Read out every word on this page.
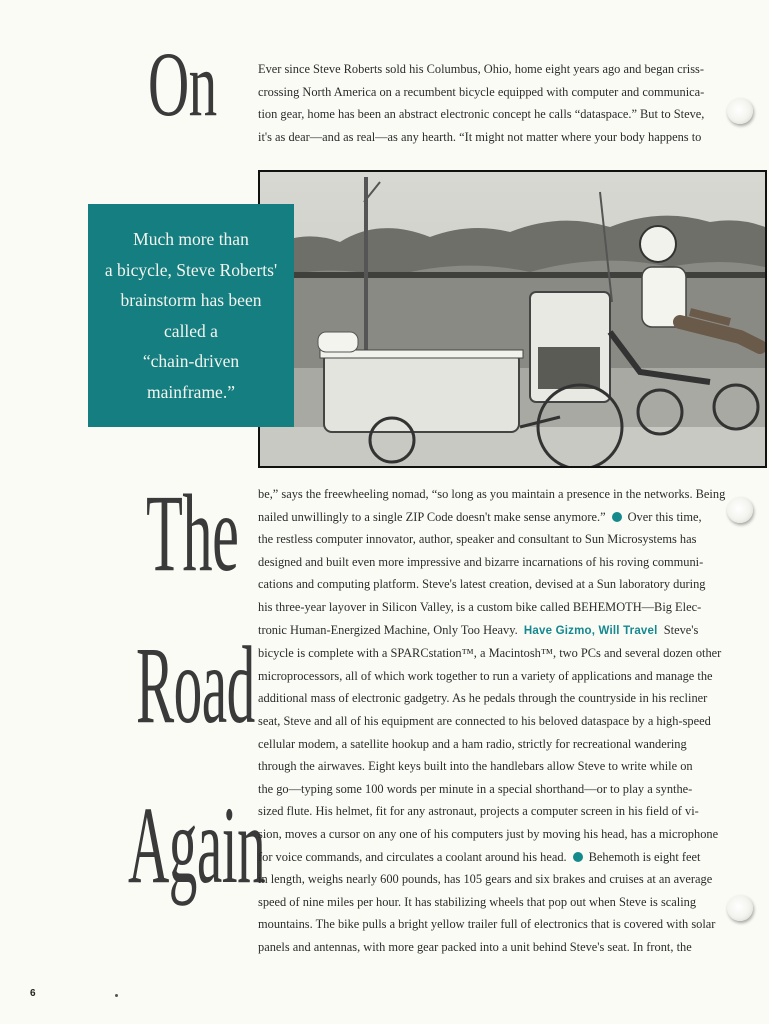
On
The
Road
Again
Ever since Steve Roberts sold his Columbus, Ohio, home eight years ago and began criss-
crossing North America on a recumbent bicycle equipped with computer and communica-
tion gear, home has been an abstract electronic concept he calls “dataspace.” But to Steve,
it's as dear—and as real—as any hearth. “It might not matter where your body happens to
Much more than
a bicycle, Steve Roberts'
brainstorm has been
called a
“chain-driven
mainframe.”
be,” says the freewheeling nomad, “so long as you maintain a presence in the networks. Being
nailed unwillingly to a single ZIP Code doesn't make sense anymore.” Over this time,
the restless computer innovator, author, speaker and consultant to Sun Microsystems has
designed and built even more impressive and bizarre incarnations of his roving communi-
cations and computing platform. Steve's latest creation, devised at a Sun laboratory during
his three-year layover in Silicon Valley, is a custom bike called BEHEMOTH—Big Elec-
tronic Human-Energized Machine, Only Too Heavy. Have Gizmo, Will Travel Steve's
bicycle is complete with a SPARCstation™, a Macintosh™, two PCs and several dozen other
microprocessors, all of which work together to run a variety of applications and manage the
additional mass of electronic gadgetry. As he pedals through the countryside in his recliner
seat, Steve and all of his equipment are connected to his beloved dataspace by a high-speed
cellular modem, a satellite hookup and a ham radio, strictly for recreational wandering
through the airwaves. Eight keys built into the handlebars allow Steve to write while on
the go—typing some 100 words per minute in a special shorthand—or to play a synthe-
sized flute. His helmet, fit for any astronaut, projects a computer screen in his field of vi-
sion, moves a cursor on any one of his computers just by moving his head, has a microphone
for voice commands, and circulates a coolant around his head. Behemoth is eight feet
in length, weighs nearly 600 pounds, has 105 gears and six brakes and cruises at an average
speed of nine miles per hour. It has stabilizing wheels that pop out when Steve is scaling
mountains. The bike pulls a bright yellow trailer full of electronics that is covered with solar
panels and antennas, with more gear packed into a unit behind Steve's seat. In front, the
6
